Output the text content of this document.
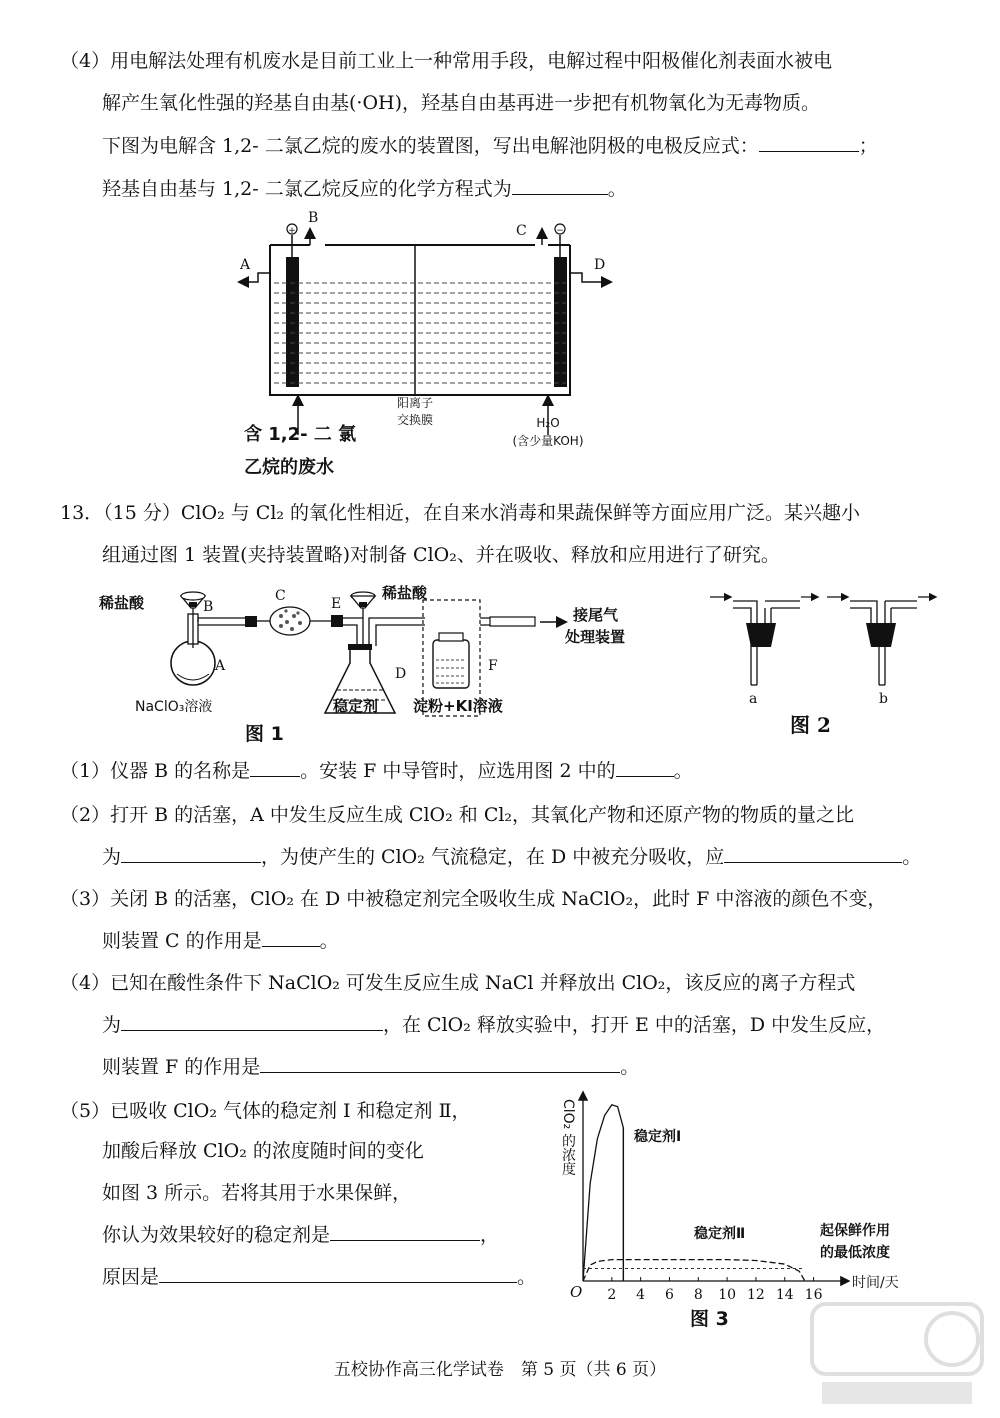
（4）用电解法处理有机废水是目前工业上一种常用手段，电解过程中阳极催化剂表面水被电
解产生氧化性强的羟基自由基(·OH)，羟基自由基再进一步把有机物氧化为无毒物质。
下图为电解含 1,2- 二氯乙烷的废水的装置图，写出电解池阴极的电极反应式：	；
羟基自由基与 1,2- 二氯乙烷反应的化学方程式为	。
+	−
A
B
C
D
阳离子
交换膜	H₂O
(含少量KOH)
含 1,2- 二 氯
乙烷的废水
13．（15 分）ClO₂ 与 Cl₂ 的氧化性相近，在自来水消毒和果蔬保鲜等方面应用广泛。某兴趣小
组通过图 1 装置(夹持装置略)对制备 ClO₂、并在吸收、释放和应用进行了研究。
稀盐酸	B
C	E
稀盐酸
A	D	F
接尾气
处理装置
NaClO₃溶液	稳定剂 淀粉+KI溶液
图 1
a	b
图 2
（1）仪器 B 的名称是	。安装 F 中导管时，应选用图 2 中的	。
（2）打开 B 的活塞，A 中发生反应生成 ClO₂ 和 Cl₂，其氧化产物和还原产物的物质的量之比
为	，为使产生的 ClO₂ 气流稳定，在 D 中被充分吸收，应	。
（3）关闭 B 的活塞，ClO₂ 在 D 中被稳定剂完全吸收生成 NaClO₂，此时 F 中溶液的颜色不变，
则装置 C 的作用是	。
（4）已知在酸性条件下 NaClO₂ 可发生反应生成 NaCl 并释放出 ClO₂，该反应的离子方程式
为	，在 ClO₂ 释放实验中，打开 E 中的活塞，D 中发生反应，
则装置 F 的作用是	。
（5）已吸收 ClO₂ 气体的稳定剂 Ⅰ 和稳定剂 Ⅱ，
加酸后释放 ClO₂ 的浓度随时间的变化
如图 3 所示。若将其用于水果保鲜，
你认为效果较好的稳定剂是	，
原因是	。
ClO₂ 的浓度
时间/天
O 2 4 6 8 10 12 14 16
稳定剂Ⅰ
稳定剂Ⅱ	起保鲜作用
的最低浓度
图 3
五校协作高三化学试卷　第 5 页（共 6 页）
